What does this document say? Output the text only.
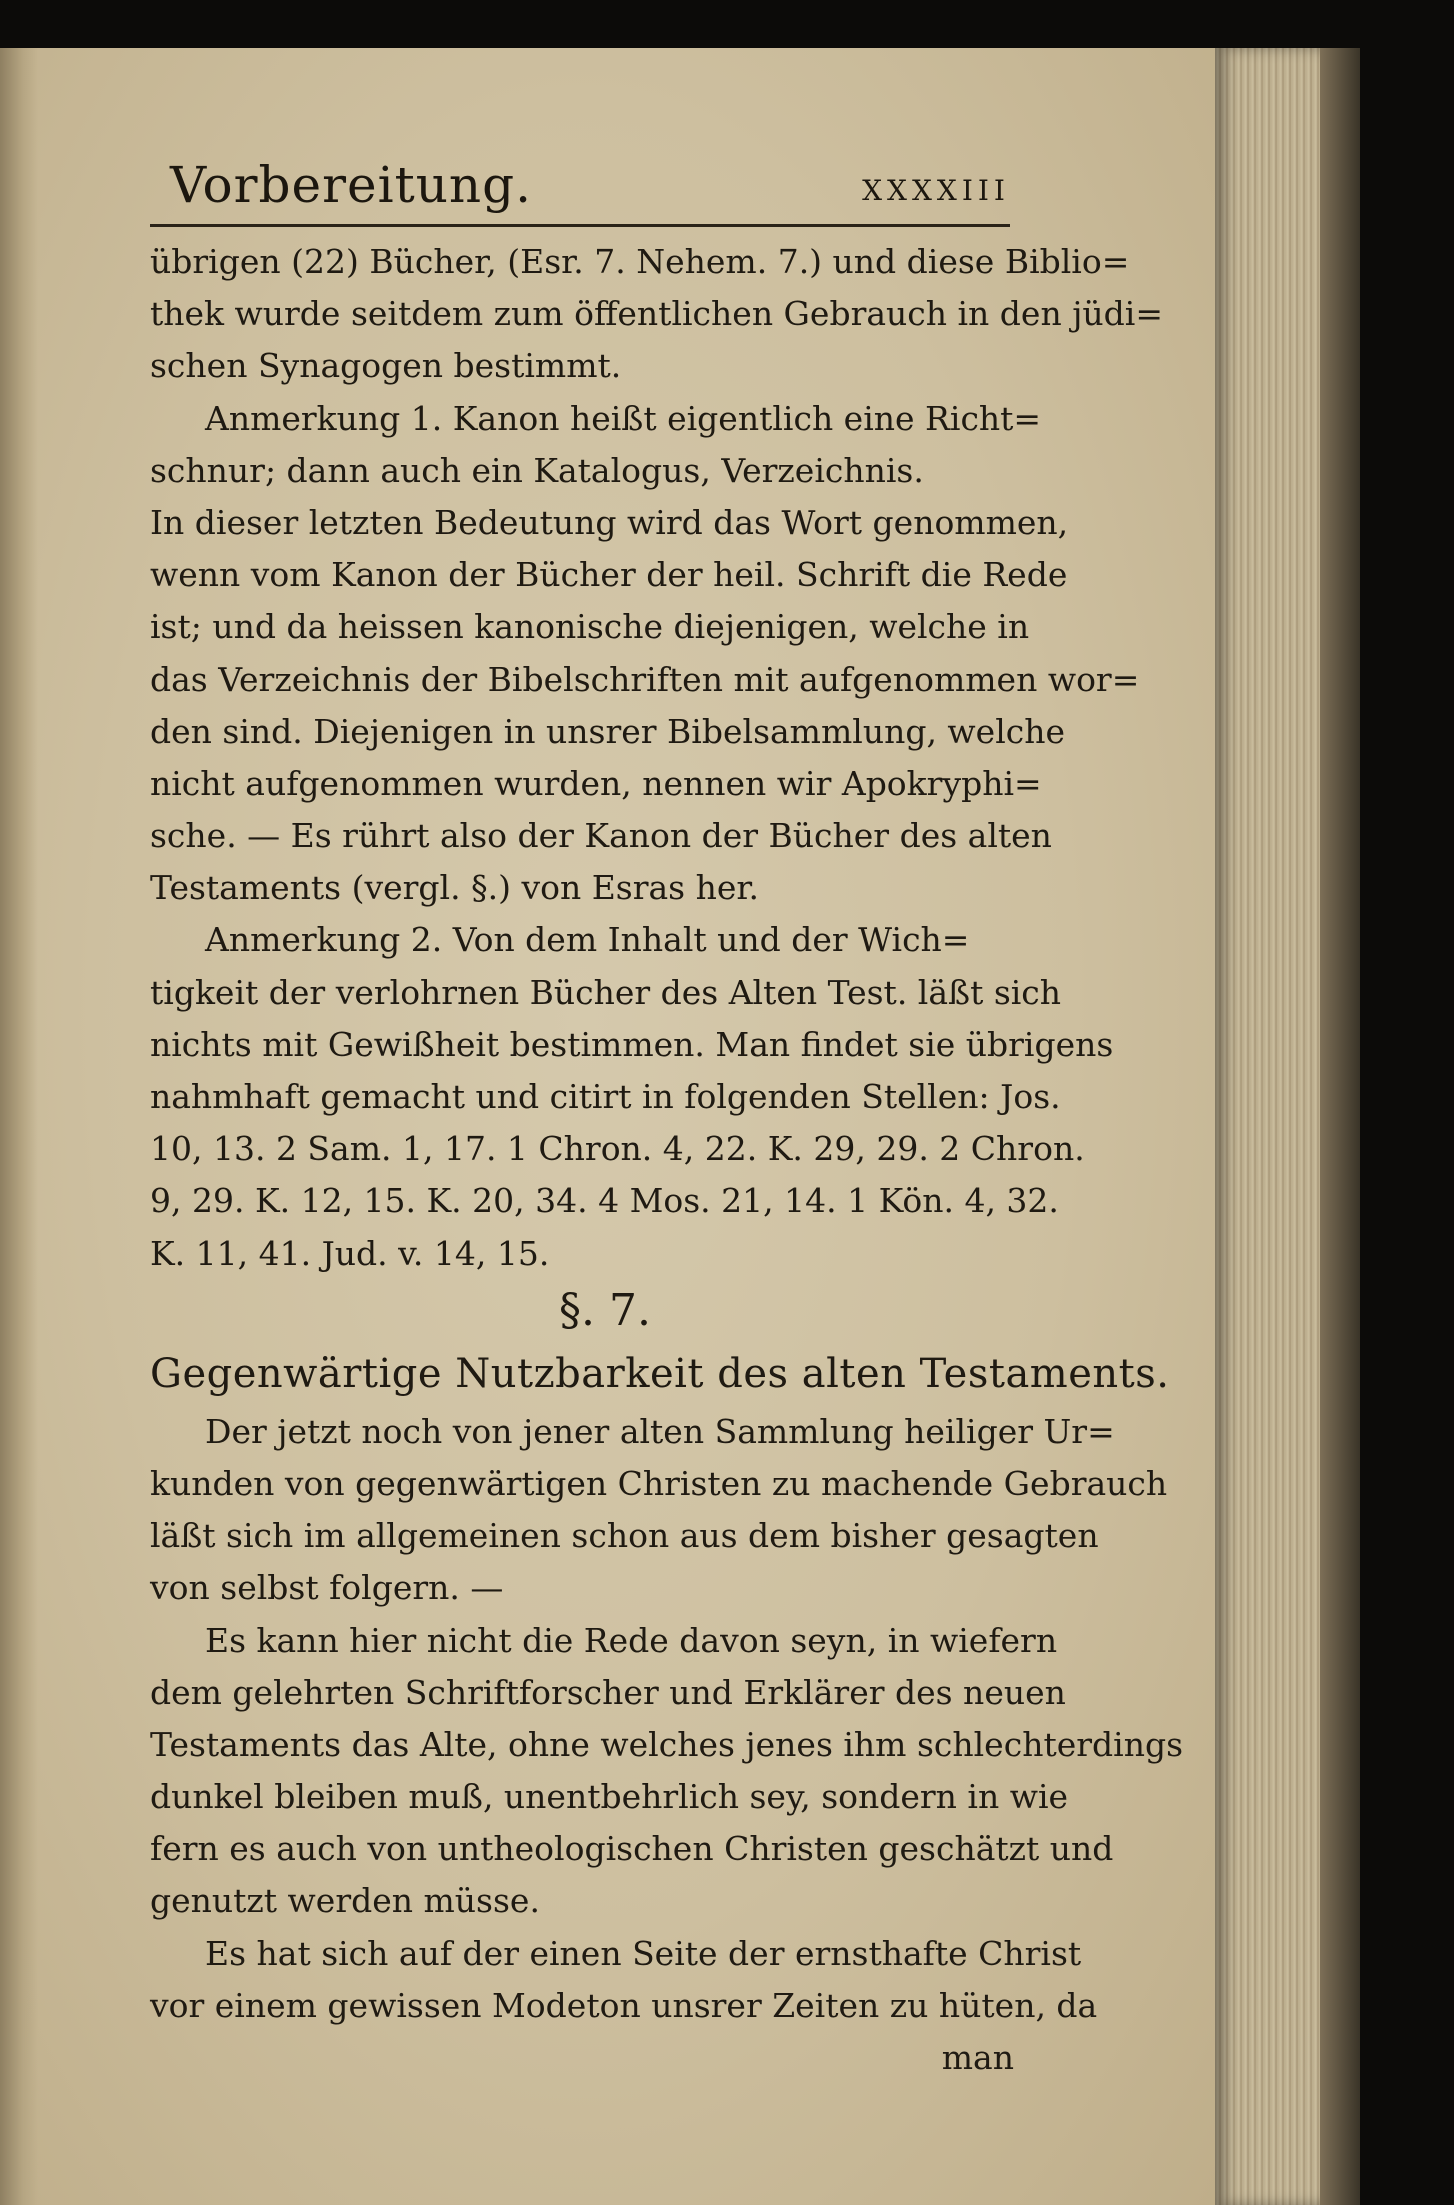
Vorbereitung.	XXXXIII
übrigen (22) Bücher, (Esr. 7. Nehem. 7.) und diese Biblio=
thek wurde seitdem zum öffentlichen Gebrauch in den jüdi=
schen Synagogen bestimmt.
Anmerkung 1. Kanon heißt eigentlich eine Richt=
schnur; dann auch ein Katalogus, Verzeichnis.
In dieser letzten Bedeutung wird das Wort genommen,
wenn vom Kanon der Bücher der heil. Schrift die Rede
ist; und da heissen kanonische diejenigen, welche in
das Verzeichnis der Bibelschriften mit aufgenommen wor=
den sind. Diejenigen in unsrer Bibelsammlung, welche
nicht aufgenommen wurden, nennen wir Apokryphi=
sche. — Es rührt also der Kanon der Bücher des alten
Testaments (vergl. §.) von Esras her.
Anmerkung 2. Von dem Inhalt und der Wich=
tigkeit der verlohrnen Bücher des Alten Test. läßt sich
nichts mit Gewißheit bestimmen. Man findet sie übrigens
nahmhaft gemacht und citirt in folgenden Stellen: Jos.
10, 13. 2 Sam. 1, 17. 1 Chron. 4, 22. K. 29, 29. 2 Chron.
9, 29. K. 12, 15. K. 20, 34. 4 Mos. 21, 14. 1 Kön. 4, 32.
K. 11, 41. Jud. v. 14, 15.
§. 7.
Gegenwärtige Nutzbarkeit des alten Testaments.
Der jetzt noch von jener alten Sammlung heiliger Ur=
kunden von gegenwärtigen Christen zu machende Gebrauch
läßt sich im allgemeinen schon aus dem bisher gesagten
von selbst folgern. —
Es kann hier nicht die Rede davon seyn, in wiefern
dem gelehrten Schriftforscher und Erklärer des neuen
Testaments das Alte, ohne welches jenes ihm schlechterdings
dunkel bleiben muß, unentbehrlich sey, sondern in wie
fern es auch von untheologischen Christen geschätzt und
genutzt werden müsse.
Es hat sich auf der einen Seite der ernsthafte Christ
vor einem gewissen Modeton unsrer Zeiten zu hüten, da
man
